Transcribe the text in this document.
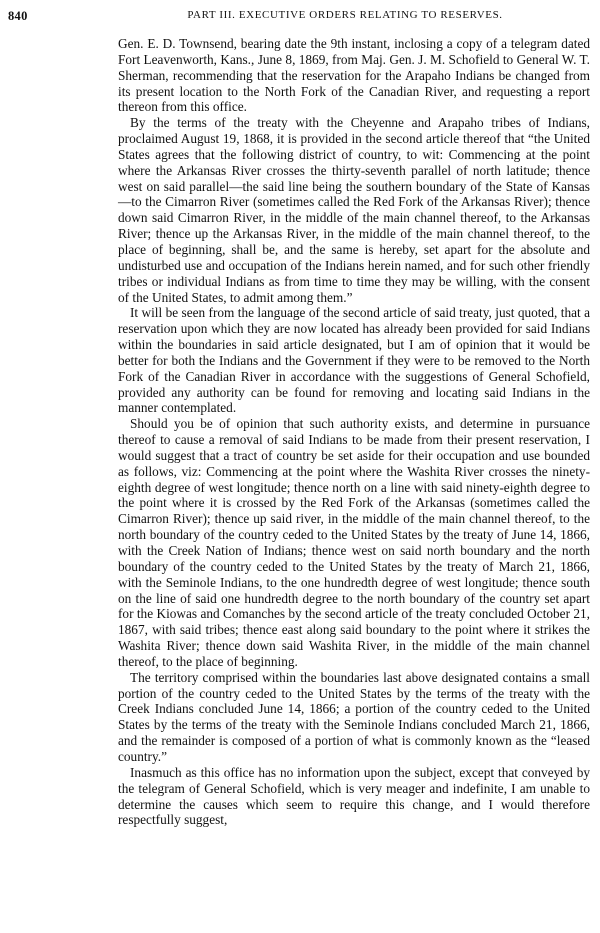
840	PART III. EXECUTIVE ORDERS RELATING TO RESERVES.

Gen. E. D. Townsend, bearing date the 9th instant, inclosing a copy of a telegram dated Fort Leavenworth, Kans., June 8, 1869, from Maj. Gen. J. M. Schofield to General W. T. Sherman, recommending that the reservation for the Arapaho Indians be changed from its present location to the North Fork of the Canadian River, and requesting a report thereon from this office.

By the terms of the treaty with the Cheyenne and Arapaho tribes of Indians, proclaimed August 19, 1868, it is provided in the second article thereof that “the United States agrees that the following district of country, to wit: Commencing at the point where the Arkansas River crosses the thirty-seventh parallel of north latitude; thence west on said parallel—the said line being the southern boundary of the State of Kansas—to the Cimarron River (sometimes called the Red Fork of the Arkansas River); thence down said Cimarron River, in the middle of the main channel thereof, to the Arkansas River; thence up the Arkansas River, in the middle of the main channel thereof, to the place of beginning, shall be, and the same is hereby, set apart for the absolute and undisturbed use and occupation of the Indians herein named, and for such other friendly tribes or individual Indians as from time to time they may be willing, with the consent of the United States, to admit among them.”

It will be seen from the language of the second article of said treaty, just quoted, that a reservation upon which they are now located has already been provided for said Indians within the boundaries in said article designated, but I am of opinion that it would be better for both the Indians and the Government if they were to be removed to the North Fork of the Canadian River in accordance with the suggestions of General Schofield, provided any authority can be found for removing and locating said Indians in the manner contemplated.

Should you be of opinion that such authority exists, and determine in pursuance thereof to cause a removal of said Indians to be made from their present reservation, I would suggest that a tract of country be set aside for their occupation and use bounded as follows, viz: Commencing at the point where the Washita River crosses the ninety-eighth degree of west longitude; thence north on a line with said ninety-eighth degree to the point where it is crossed by the Red Fork of the Arkansas (sometimes called the Cimarron River); thence up said river, in the middle of the main channel thereof, to the north boundary of the country ceded to the United States by the treaty of June 14, 1866, with the Creek Nation of Indians; thence west on said north boundary and the north boundary of the country ceded to the United States by the treaty of March 21, 1866, with the Seminole Indians, to the one hundredth degree of west longitude; thence south on the line of said one hundredth degree to the north boundary of the country set apart for the Kiowas and Comanches by the second article of the treaty concluded October 21, 1867, with said tribes; thence east along said boundary to the point where it strikes the Washita River; thence down said Washita River, in the middle of the main channel thereof, to the place of beginning.

The territory comprised within the boundaries last above designated contains a small portion of the country ceded to the United States by the terms of the treaty with the Creek Indians concluded June 14, 1866; a portion of the country ceded to the United States by the terms of the treaty with the Seminole Indians concluded March 21, 1866, and the remainder is composed of a portion of what is commonly known as the “leased country.”

Inasmuch as this office has no information upon the subject, except that conveyed by the telegram of General Schofield, which is very meager and indefinite, I am unable to determine the causes which seem to require this change, and I would therefore respectfully suggest,
